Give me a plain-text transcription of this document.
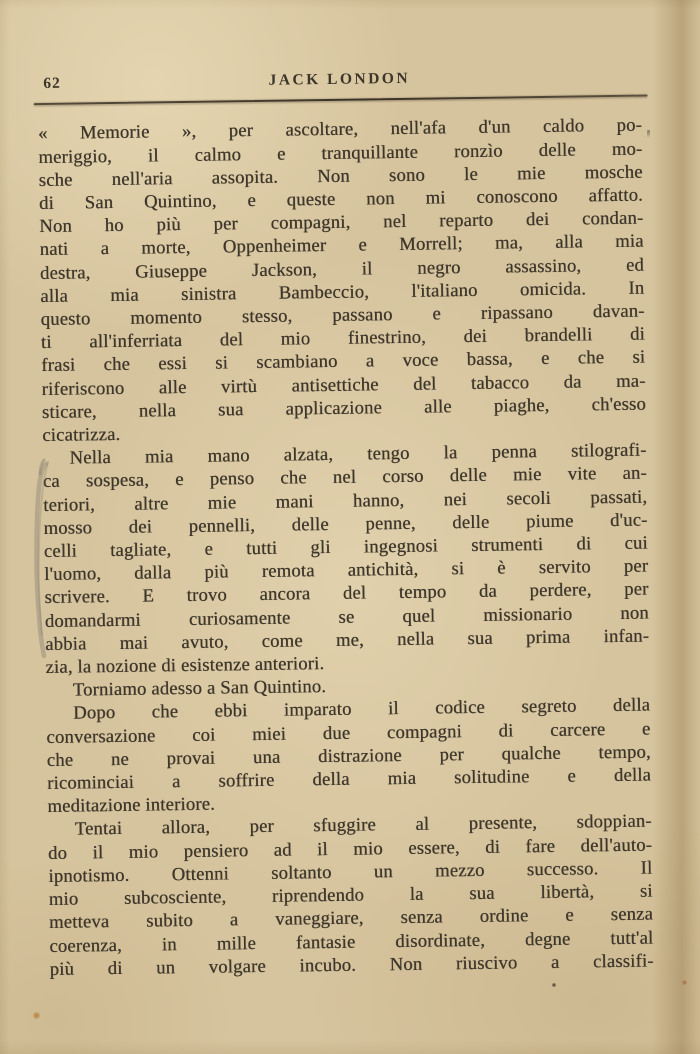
62	JACK LONDON
« Memorie », per ascoltare, nell'afa d'un caldo po-
meriggio, il calmo e tranquillante ronzìo delle mo-
sche nell'aria assopita. Non sono le mie mosche
di San Quintino, e queste non mi conoscono affatto.
Non ho più per compagni, nel reparto dei condan-
nati a morte, Oppenheimer e Morrell; ma, alla mia
destra, Giuseppe Jackson, il negro assassino, ed
alla mia sinistra Bambeccio, l'italiano omicida. In
questo momento stesso, passano e ripassano davan-
ti all'inferriata del mio finestrino, dei brandelli di
frasi che essi si scambiano a voce bassa, e che si
riferiscono alle virtù antisettiche del tabacco da ma-
sticare, nella sua applicazione alle piaghe, ch'esso
cicatrizza.
Nella mia mano alzata, tengo la penna stilografi-
ca sospesa, e penso che nel corso delle mie vite an-
teriori, altre mie mani hanno, nei secoli passati,
mosso dei pennelli, delle penne, delle piume d'uc-
celli tagliate, e tutti gli ingegnosi strumenti di cui
l'uomo, dalla più remota antichità, si è servito per
scrivere. E trovo ancora del tempo da perdere, per
domandarmi curiosamente se quel missionario non
abbia mai avuto, come me, nella sua prima infan-
zia, la nozione di esistenze anteriori.
Torniamo adesso a San Quintino.
Dopo che ebbi imparato il codice segreto della
conversazione coi miei due compagni di carcere e
che ne provai una distrazione per qualche tempo,
ricominciai a soffrire della mia solitudine e della
meditazione interiore.
Tentai allora, per sfuggire al presente, sdoppian-
do il mio pensiero ad il mio essere, di fare dell'auto-
ipnotismo. Ottenni soltanto un mezzo successo. Il
mio subcosciente, riprendendo la sua libertà, si
metteva subito a vaneggiare, senza ordine e senza
coerenza, in mille fantasie disordinate, degne tutt'al
più di un volgare incubo. Non riuscivo a classifi-
